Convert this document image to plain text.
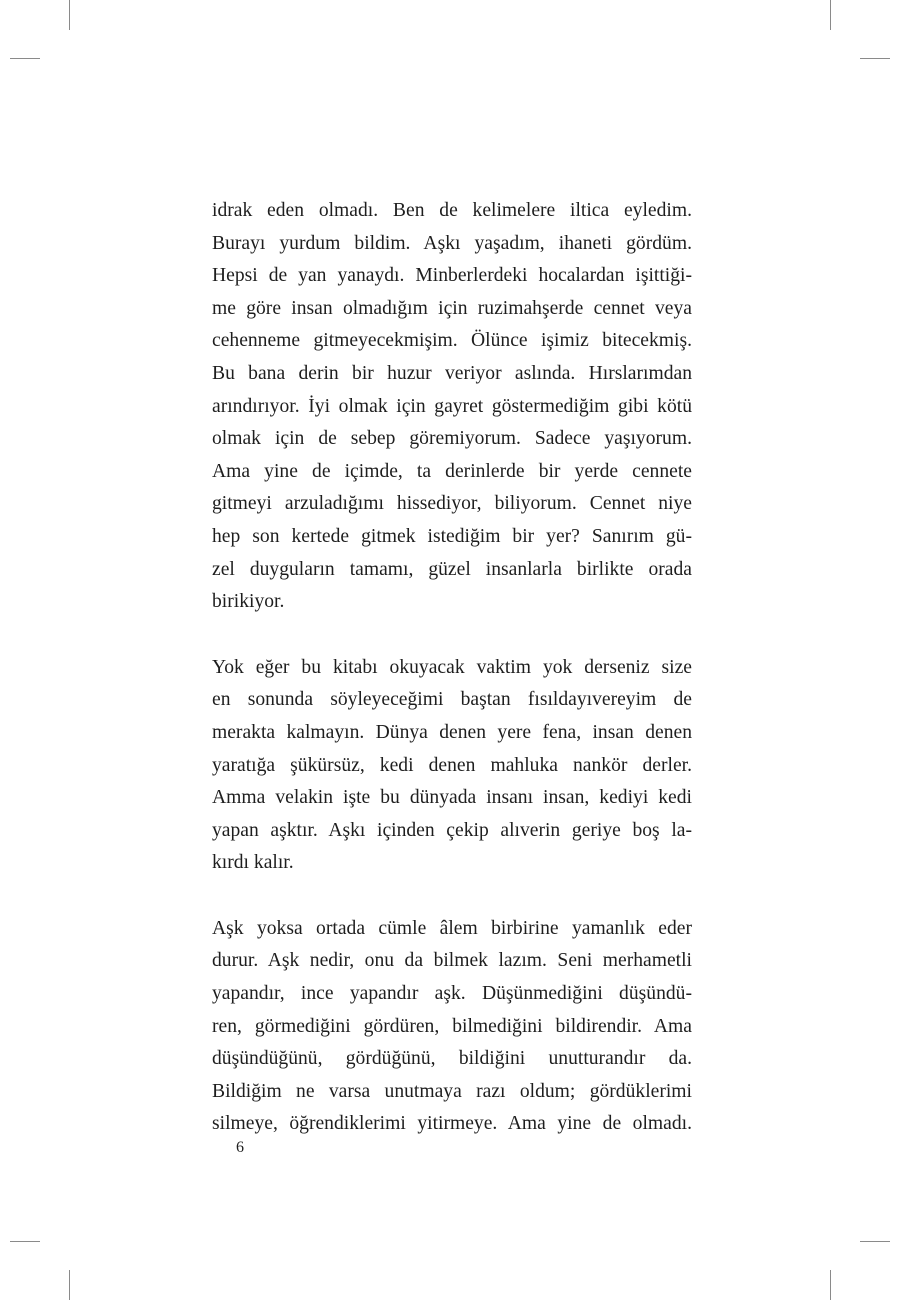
idrak eden olmadı. Ben de kelimelere iltica eyledim.
Burayı yurdum bildim. Aşkı yaşadım, ihaneti gördüm.
Hepsi de yan yanaydı. Minberlerdeki hocalardan işittiği-
me göre insan olmadığım için ruzimahşerde cennet veya
cehenneme gitmeyecekmişim. Ölünce işimiz bitecekmiş.
Bu bana derin bir huzur veriyor aslında. Hırslarımdan
arındırıyor. İyi olmak için gayret göstermediğim gibi kötü
olmak için de sebep göremiyorum. Sadece yaşıyorum.
Ama yine de içimde, ta derinlerde bir yerde cennete
gitmeyi arzuladığımı hissediyor, biliyorum. Cennet niye
hep son kertede gitmek istediğim bir yer? Sanırım gü-
zel duyguların tamamı, güzel insanlarla birlikte orada
birikiyor.

Yok eğer bu kitabı okuyacak vaktim yok derseniz size
en sonunda söyleyeceğimi baştan fısıldayıvereyim de
merakta kalmayın. Dünya denen yere fena, insan denen
yaratığa şükürsüz, kedi denen mahluka nankör derler.
Amma velakin işte bu dünyada insanı insan, kediyi kedi
yapan aşktır. Aşkı içinden çekip alıverin geriye boş la-
kırdı kalır.

Aşk yoksa ortada cümle âlem birbirine yamanlık eder
durur. Aşk nedir, onu da bilmek lazım. Seni merhametli
yapandır, ince yapandır aşk. Düşünmediğini düşündü-
ren, görmediğini gördüren, bilmediğini bildirendir. Ama
düşündüğünü, gördüğünü, bildiğini unutturandır da.
Bildiğim ne varsa unutmaya razı oldum; gördüklerimi
silmeye, öğrendiklerimi yitirmeye. Ama yine de olmadı.

6
